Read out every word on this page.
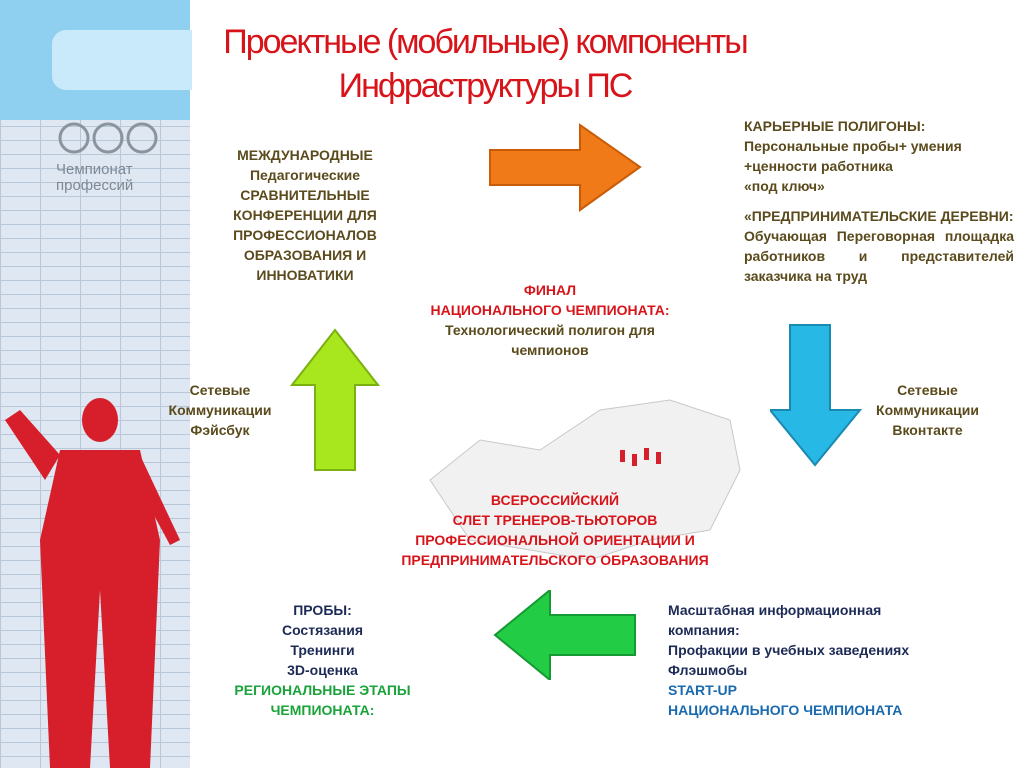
Чемпионат
профессий
Проектные (мобильные) компоненты
Инфраструктуры ПС
МЕЖДУНАРОДНЫЕ
Педагогические
СРАВНИТЕЛЬНЫЕ
КОНФЕРЕНЦИИ ДЛЯ
ПРОФЕССИОНАЛОВ
ОБРАЗОВАНИЯ И
ИННОВАТИКИ
КАРЬЕРНЫЕ ПОЛИГОНЫ:
Персональные пробы+ умения
+ценности работника
«под ключ»
«ПРЕДПРИНИМАТЕЛЬСКИЕ ДЕРЕВНИ:
Обучающая Переговорная площадка работников и представителей заказчика на труд
ФИНАЛ
НАЦИОНАЛЬНОГО ЧЕМПИОНАТА:
Технологический полигон для
чемпионов
Сетевые
Коммуникации
Фэйсбук
Сетевые
Коммуникации
Вконтакте
ВСЕРОССИЙСКИЙ
СЛЕТ ТРЕНЕРОВ-ТЬЮТОРОВ
ПРОФЕССИОНАЛЬНОЙ ОРИЕНТАЦИИ И
ПРЕДПРИНИМАТЕЛЬСКОГО ОБРАЗОВАНИЯ
ПРОБЫ:
Состязания
Тренинги
3D-оценка
РЕГИОНАЛЬНЫЕ ЭТАПЫ
ЧЕМПИОНАТА:
Масштабная информационная
компания:
Профакции в учебных заведениях
Флэшмобы
START-UP
НАЦИОНАЛЬНОГО ЧЕМПИОНАТА
